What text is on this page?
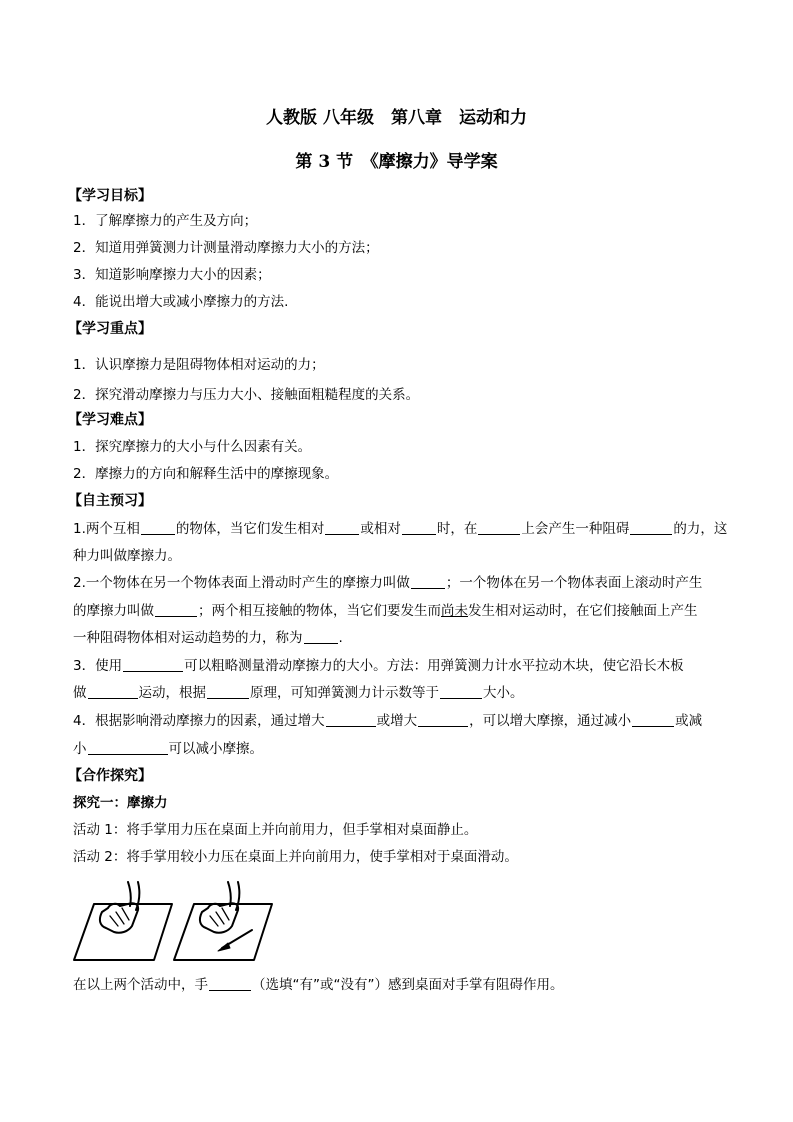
人教版 八年级　第八章　运动和力
第 3 节　《摩擦力》导学案
【学习目标】
1．了解摩擦力的产生及方向；
2．知道用弹簧测力计测量滑动摩擦力大小的方法；
3．知道影响摩擦力大小的因素；
4．能说出增大或减小摩擦力的方法.
【学习重点】
1．认识摩擦力是阻碍物体相对运动的力；
2．探究滑动摩擦力与压力大小、接触面粗糙程度的关系。
【学习难点】
1．探究摩擦力的大小与什么因素有关。
2．摩擦力的方向和解释生活中的摩擦现象。
【自主预习】
1.两个互相	的物体，当它们发生相对	或相对	时，在	上会产生一种阻碍	的力，这
种力叫做摩擦力。
2.一个物体在另一个物体表面上滑动时产生的摩擦力叫做	；一个物体在另一个物体表面上滚动时产生
的摩擦力叫做	；两个相互接触的物体，当它们要发生而尚未发生相对运动时，在它们接触面上产生
一种阻碍物体相对运动趋势的力，称为	.
3．使用	可以粗略测量滑动摩擦力的大小。方法：用弹簧测力计水平拉动木块，使它沿长木板
做	运动，根据	原理，可知弹簧测力计示数等于	大小。
4．根据影响滑动摩擦力的因素，通过增大	或增大	，可以增大摩擦，通过减小	或减
小	可以减小摩擦。
【合作探究】
探究一：摩擦力
活动 1：将手掌用力压在桌面上并向前用力，但手掌相对桌面静止。
活动 2：将手掌用较小力压在桌面上并向前用力，使手掌相对于桌面滑动。
在以上两个活动中，手	（选填“有”或“没有”）感到桌面对手掌有阻碍作用。
